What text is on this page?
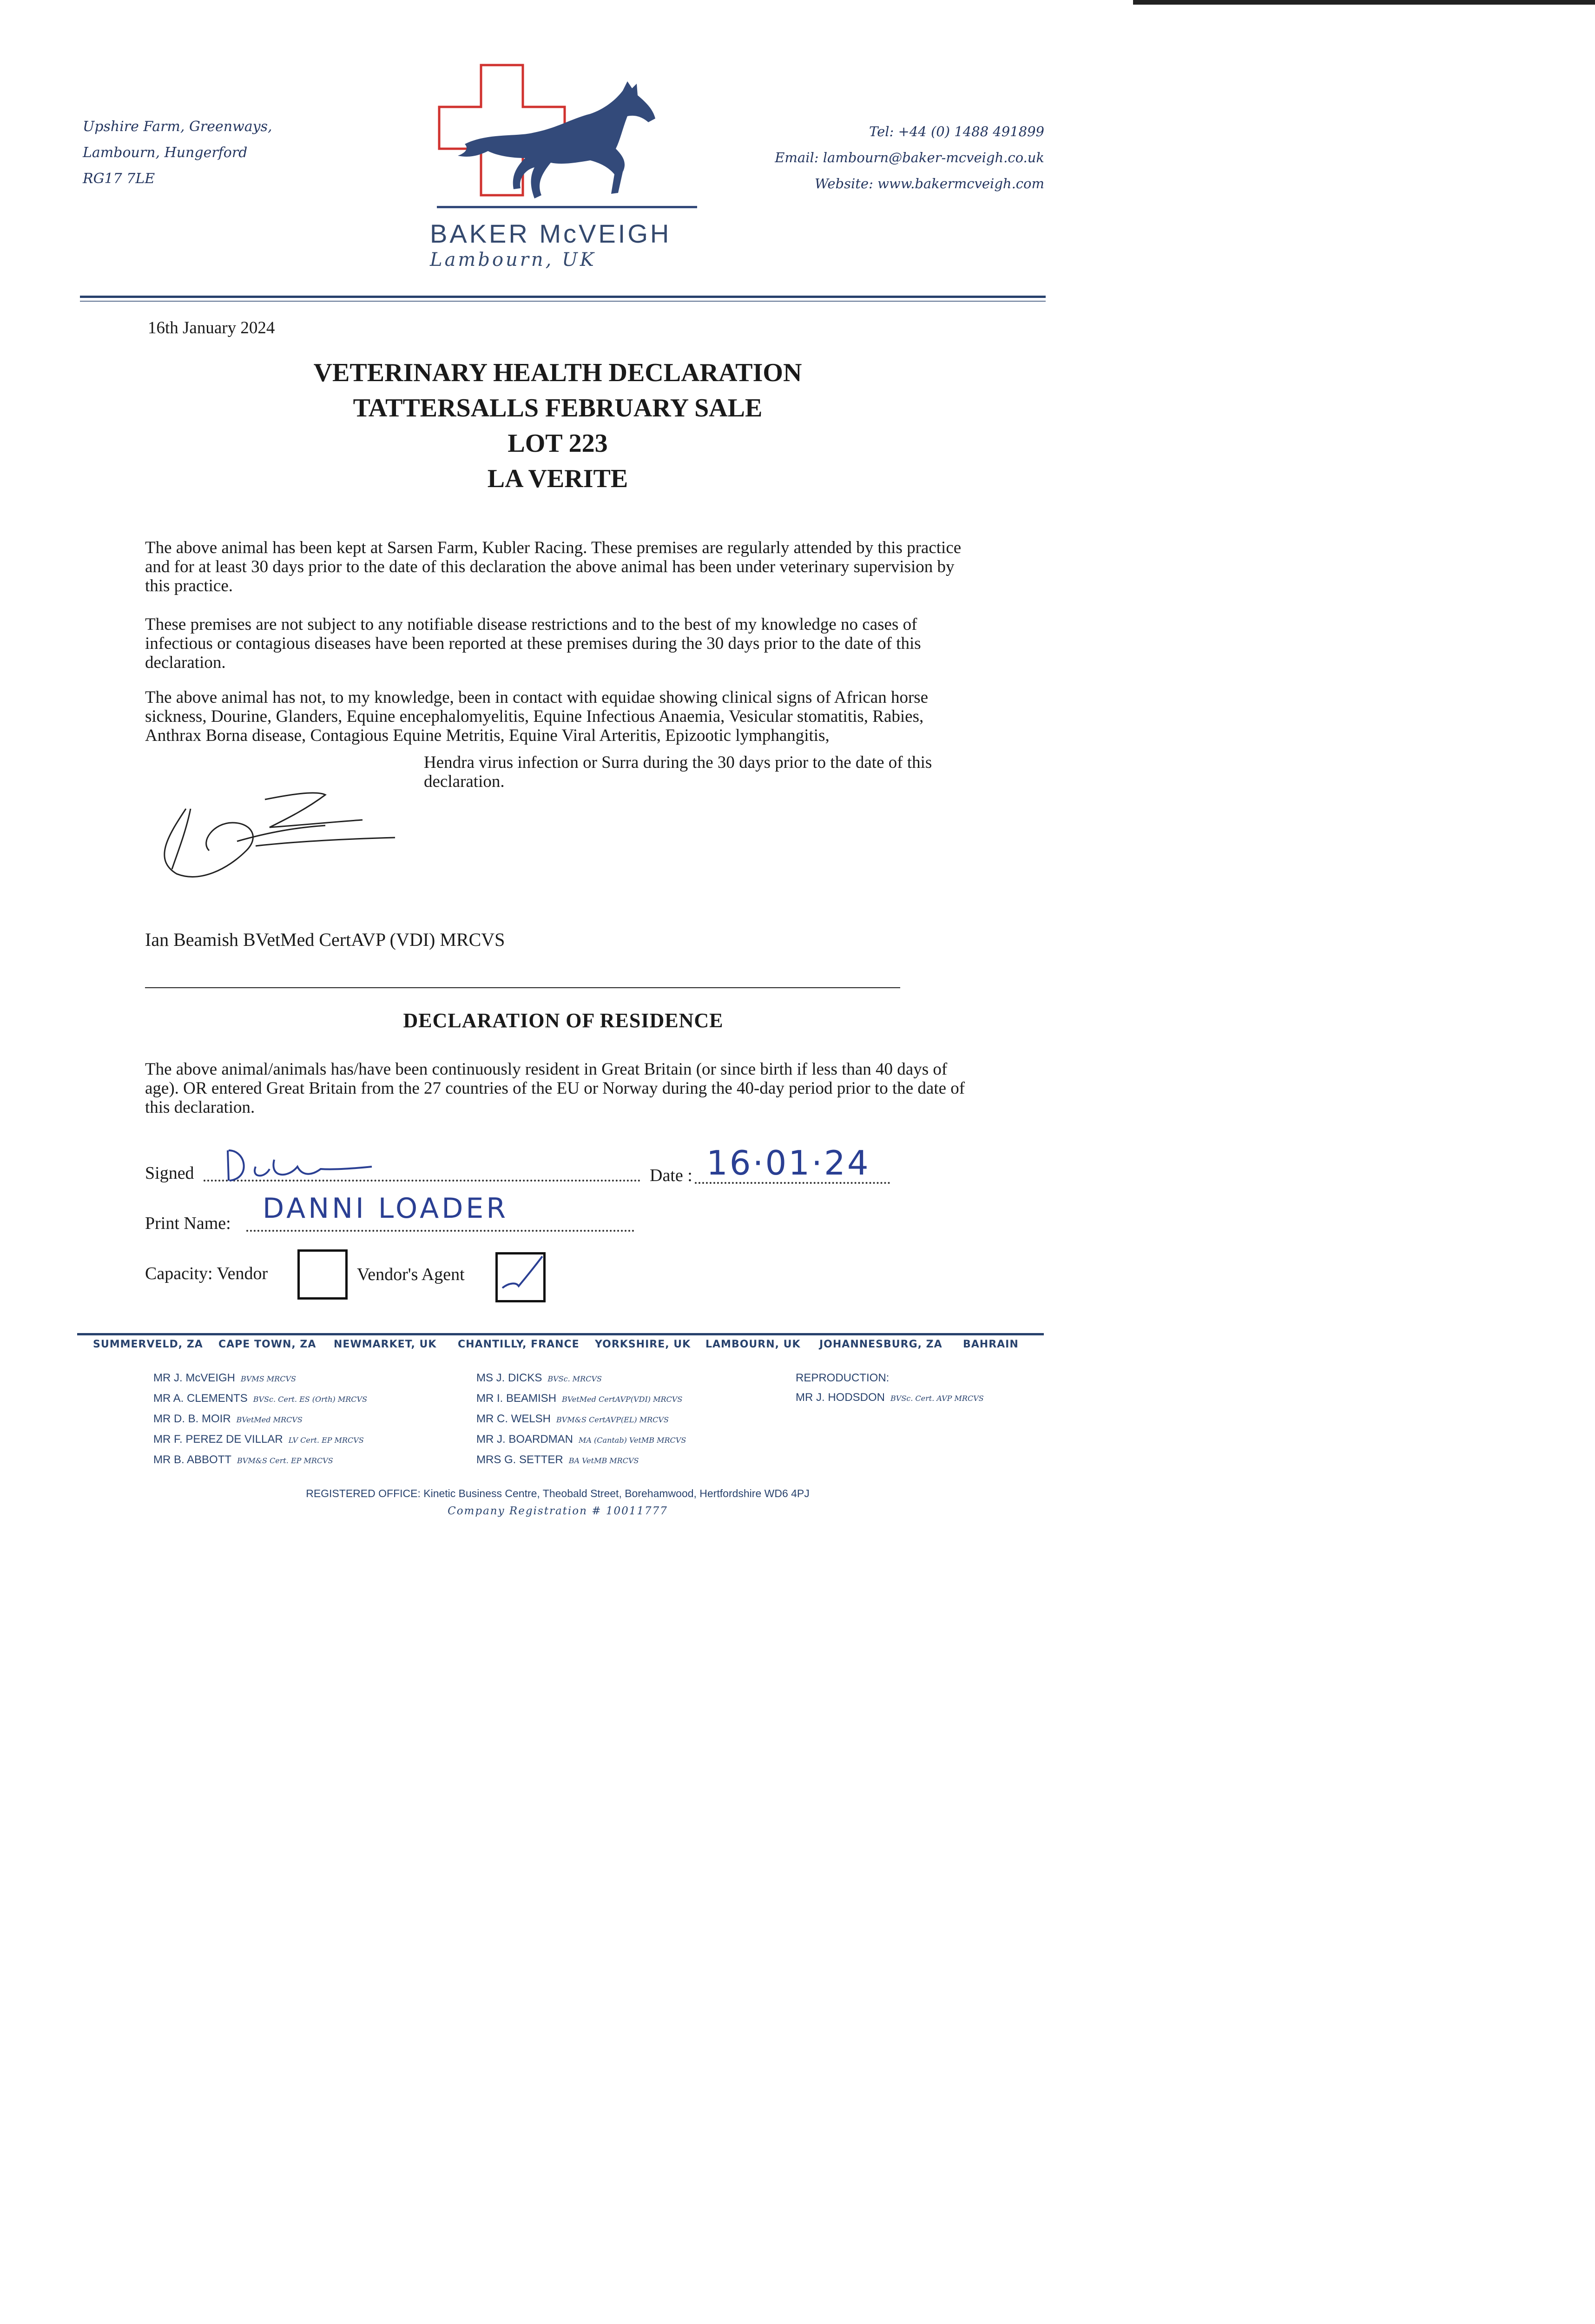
Upshire Farm, Greenways,
Lambourn, Hungerford
RG17 7LE
BAKER McVEIGH
Lambourn, UK
Tel: +44 (0) 1488 491899
Email: lambourn@baker-mcveigh.co.uk
Website: www.bakermcveigh.com
16th January 2024
VETERINARY HEALTH DECLARATION
TATTERSALLS FEBRUARY SALE
LOT 223
LA VERITE
The above animal has been kept at Sarsen Farm, Kubler Racing. These premises are regularly attended by this practice and for at least 30 days prior to the date of this declaration the above animal has been under veterinary supervision by this practice.
These premises are not subject to any notifiable disease restrictions and to the best of my knowledge no cases of infectious or contagious diseases have been reported at these premises during the 30 days prior to the date of this declaration.
The above animal has not, to my knowledge, been in contact with equidae showing clinical signs of African horse sickness, Dourine, Glanders, Equine encephalomyelitis, Equine Infectious Anaemia, Vesicular stomatitis, Rabies, Anthrax Borna disease, Contagious Equine Metritis, Equine Viral Arteritis, Epizootic lymphangitis,
Hendra virus infection or Surra during the 30 days prior to the date of this declaration.
Ian Beamish BVetMed CertAVP (VDI) MRCVS
DECLARATION OF RESIDENCE
The above animal/animals has/have been continuously resident in Great Britain (or since birth if less than 40 days of age). OR entered Great Britain from the 27 countries of the EU or Norway during the 40-day period prior to the date of this declaration.
Signed	Date : 16·01·24
Print Name: DANNI LOADER
Capacity: Vendor	Vendor's Agent
SUMMERVELD, ZA CAPE TOWN, ZA NEWMARKET, UK CHANTILLY, FRANCE YORKSHIRE, UK LAMBOURN, UK JOHANNESBURG, ZA BAHRAIN
MR J. McVEIGH BVMS MRCVS
MR A. CLEMENTS BVSc. Cert. ES (Orth) MRCVS
MR D. B. MOIR BVetMed MRCVS
MR F. PEREZ DE VILLAR LV Cert. EP MRCVS
MR B. ABBOTT BVM&S Cert. EP MRCVS
MS J. DICKS BVSc. MRCVS
MR I. BEAMISH BVetMed CertAVP(VDI) MRCVS
MR C. WELSH BVM&S CertAVP(EL) MRCVS
MR J. BOARDMAN MA (Cantab) VetMB MRCVS
MRS G. SETTER BA VetMB MRCVS
REPRODUCTION:
MR J. HODSDON BVSc. Cert. AVP MRCVS
REGISTERED OFFICE: Kinetic Business Centre, Theobald Street, Borehamwood, Hertfordshire WD6 4PJ
Company Registration # 10011777
